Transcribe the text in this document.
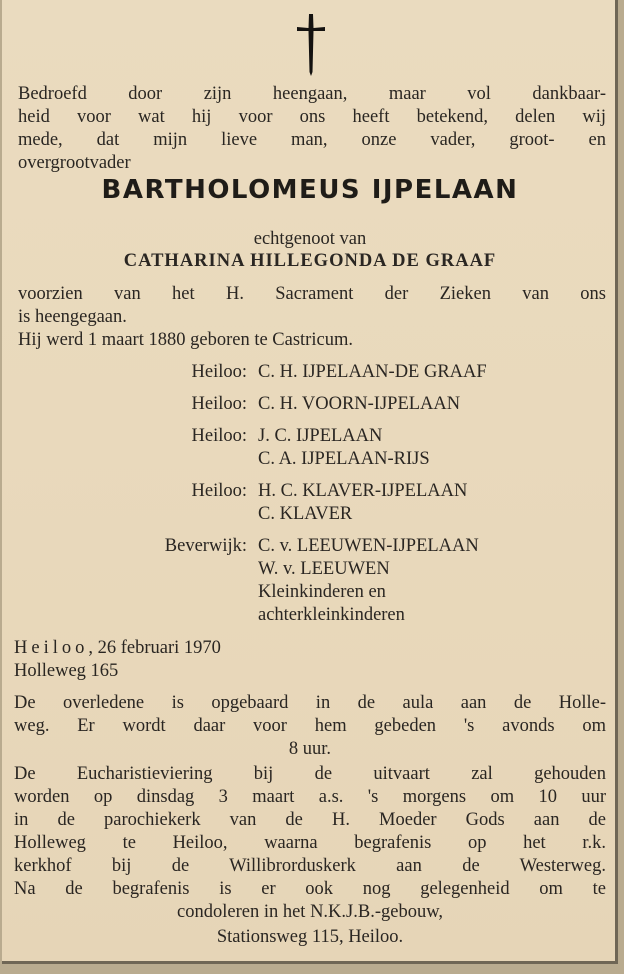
Bedroefd door zijn heengaan, maar vol dankbaar-
heid voor wat hij voor ons heeft betekend, delen wij
mede, dat mijn lieve man, onze vader, groot- en
overgrootvader
BARTHOLOMEUS IJPELAAN
echtgenoot van
CATHARINA HILLEGONDA DE GRAAF
voorzien van het H. Sacrament der Zieken van ons
is heengegaan.
Hij werd 1 maart 1880 geboren te Castricum.
Heiloo: C. H. IJPELAAN-DE GRAAF
Heiloo: C. H. VOORN-IJPELAAN
Heiloo: J. C. IJPELAAN
C. A. IJPELAAN-RIJS
Heiloo: H. C. KLAVER-IJPELAAN
C. KLAVER
Beverwijk: C. v. LEEUWEN-IJPELAAN
W. v. LEEUWEN
Kleinkinderen en
achterkleinkinderen
Heiloo, 26 februari 1970
Holleweg 165
De overledene is opgebaard in de aula aan de Holle-
weg. Er wordt daar voor hem gebeden 's avonds om
8 uur.
De Eucharistieviering bij de uitvaart zal gehouden
worden op dinsdag 3 maart a.s. 's morgens om 10 uur
in de parochiekerk van de H. Moeder Gods aan de
Holleweg te Heiloo, waarna begrafenis op het r.k.
kerkhof bij de Willibrorduskerk aan de Westerweg.
Na de begrafenis is er ook nog gelegenheid om te
condoleren in het N.K.J.B.-gebouw,
Stationsweg 115, Heiloo.
